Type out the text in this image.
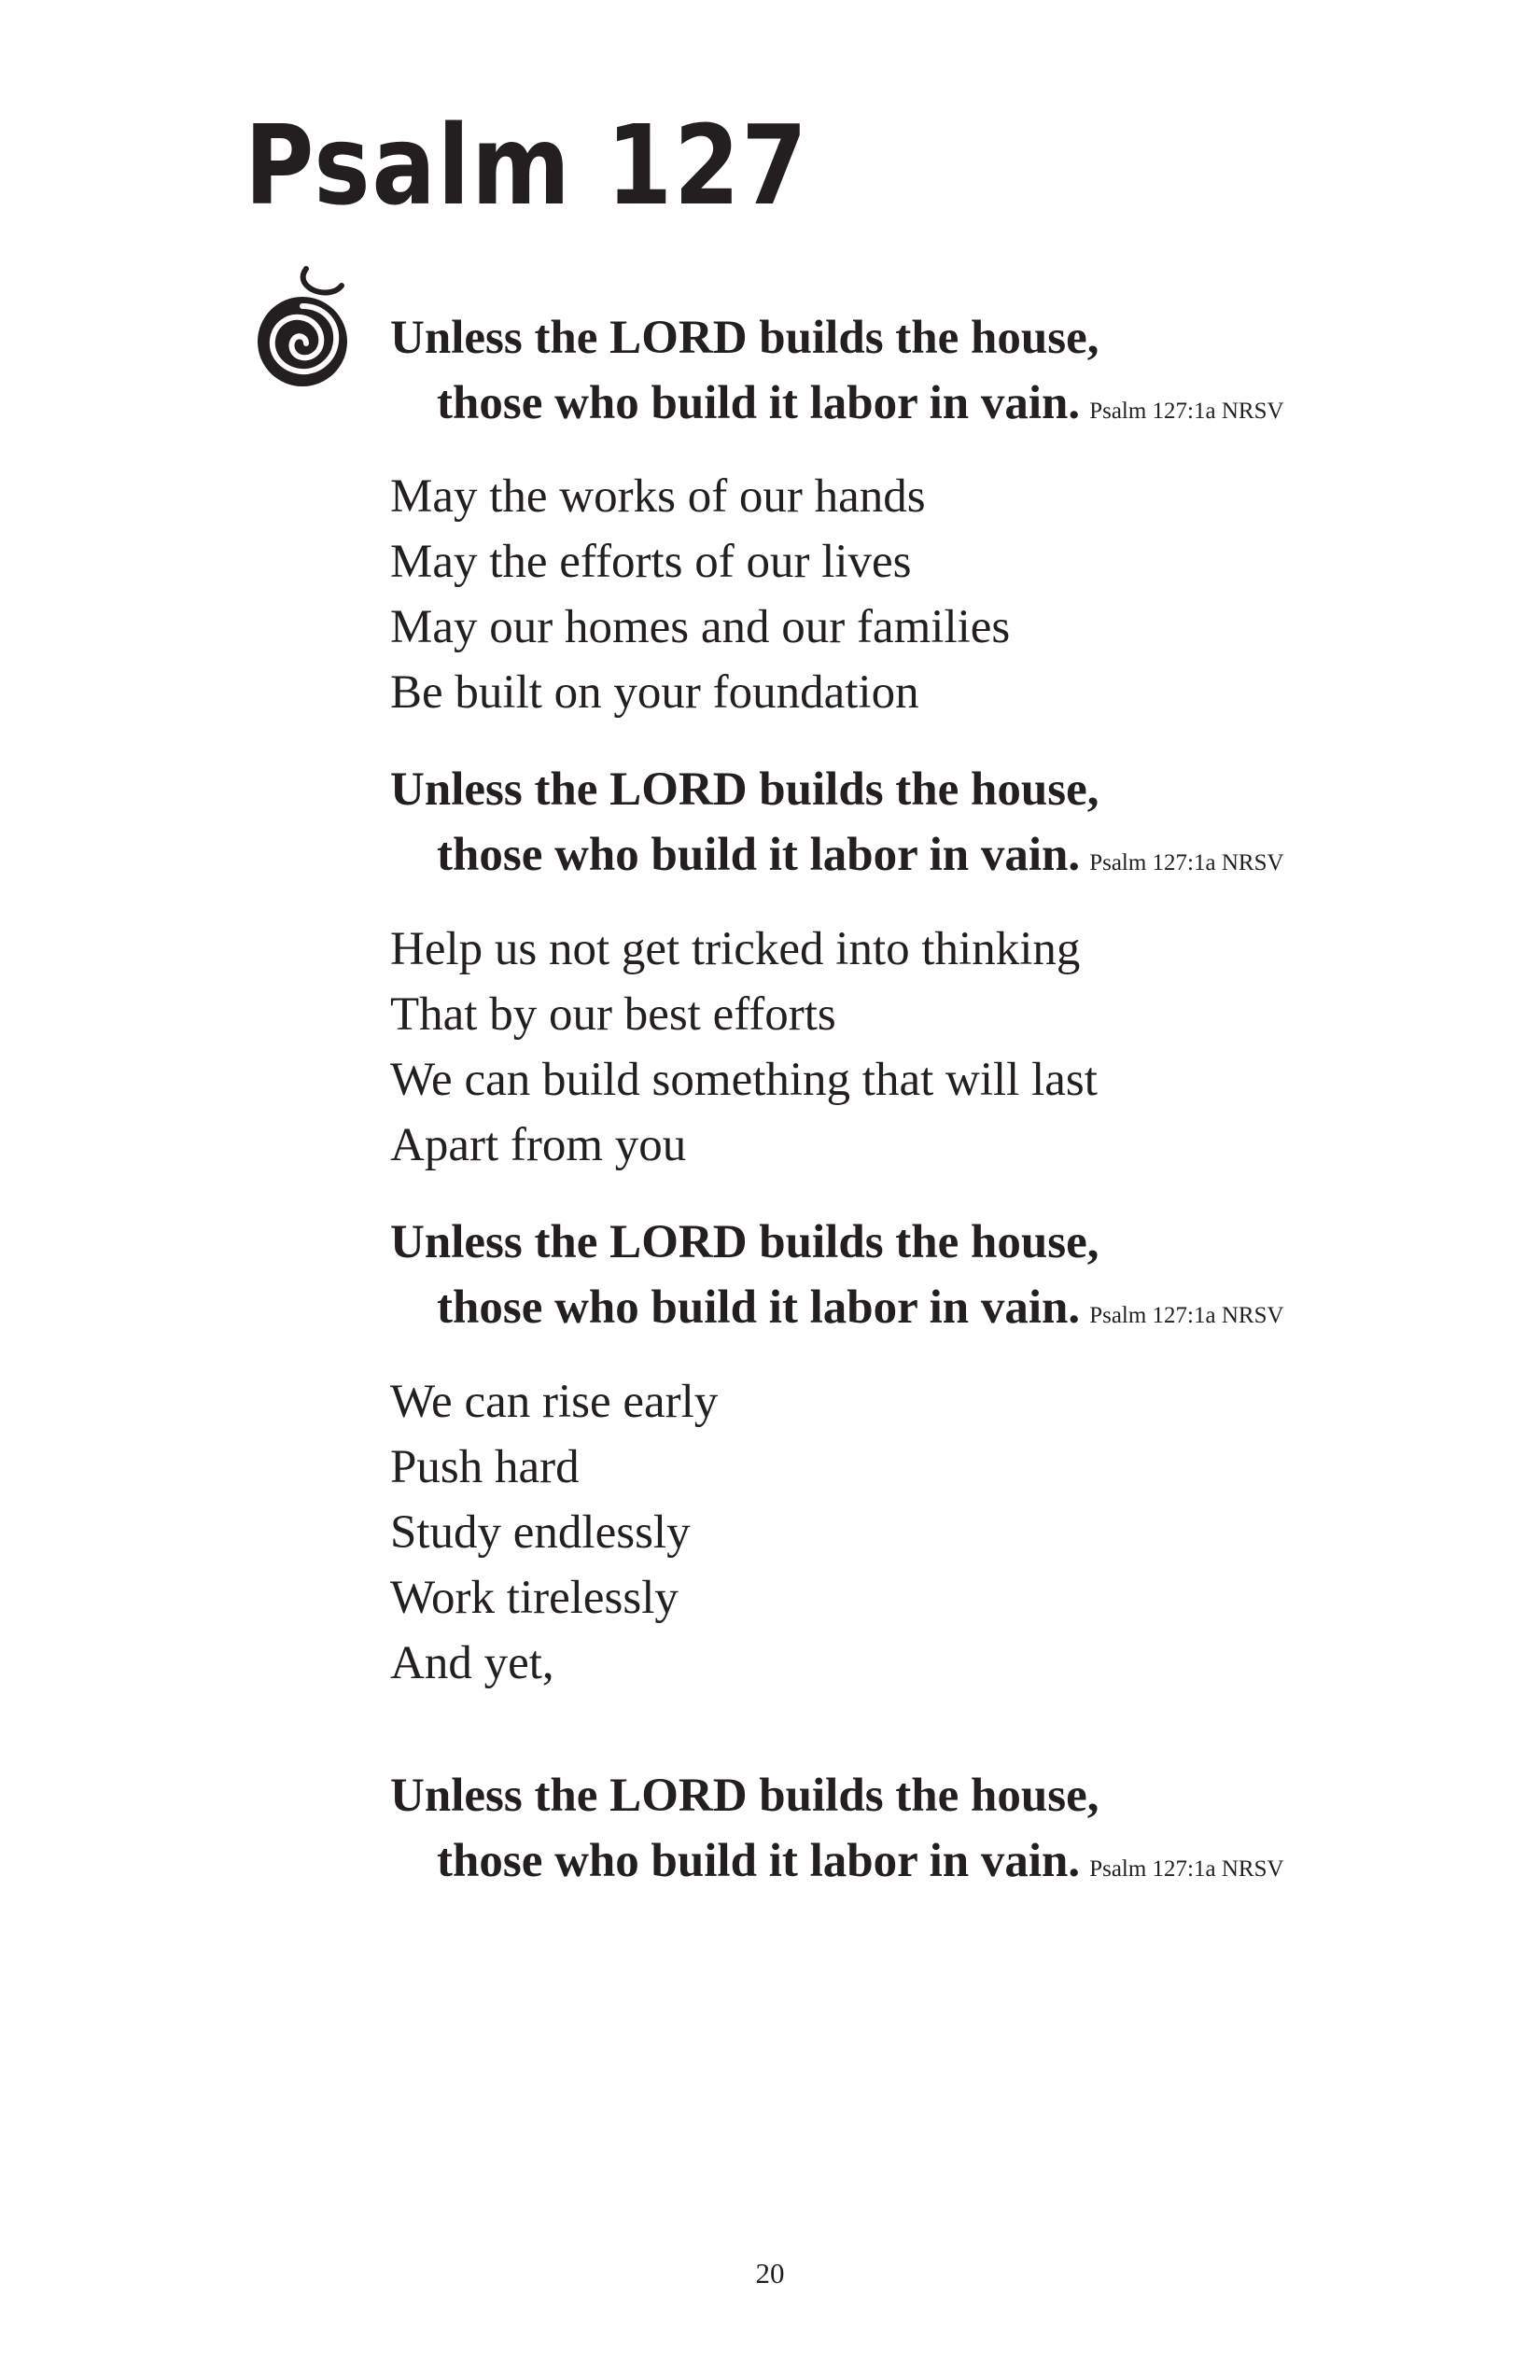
Psalm 127
Unless the LORD builds the house,
those who build it labor in vain. Psalm 127:1a NRSV
May the works of our hands
May the efforts of our lives
May our homes and our families
Be built on your foundation
Unless the LORD builds the house,
those who build it labor in vain. Psalm 127:1a NRSV
Help us not get tricked into thinking
That by our best efforts
We can build something that will last
Apart from you
Unless the LORD builds the house,
those who build it labor in vain. Psalm 127:1a NRSV
We can rise early
Push hard
Study endlessly
Work tirelessly
And yet,
Unless the LORD builds the house,
those who build it labor in vain. Psalm 127:1a NRSV
20
